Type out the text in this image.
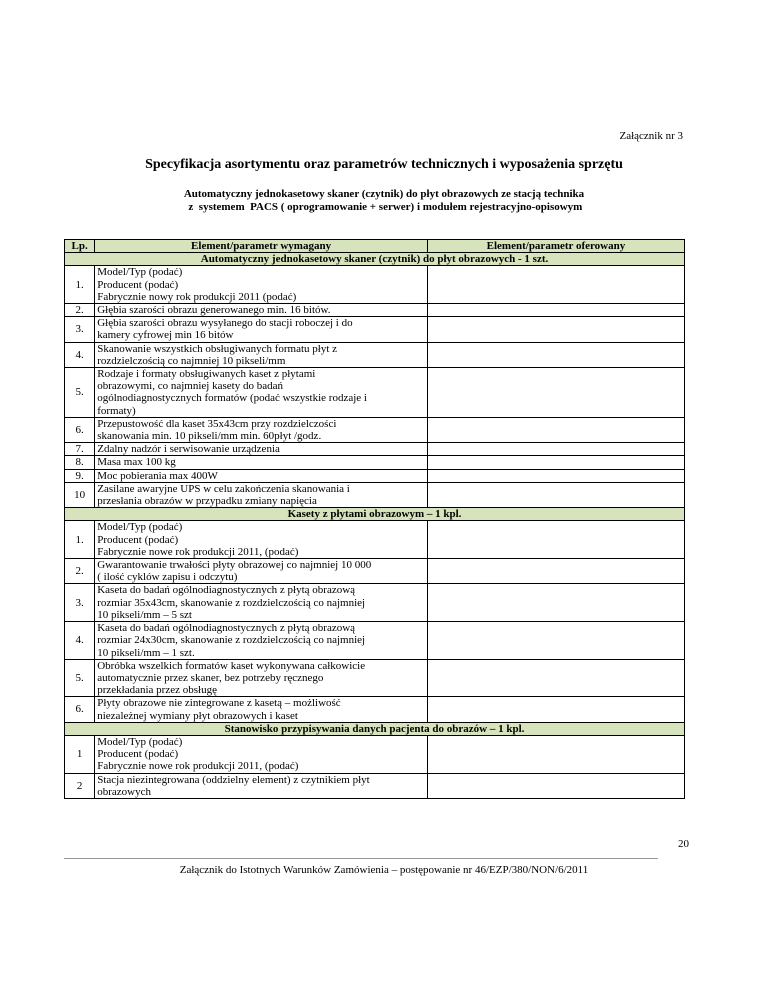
Załącznik nr 3
Specyfikacja asortymentu oraz parametrów technicznych i wyposażenia sprzętu
Automatyczny jednokasetowy skaner (czytnik) do płyt obrazowych ze stacją technika
z  systemem  PACS ( oprogramowanie + serwer) i modułem rejestracyjno-opisowym
Lp.	Element/parametr wymagany	Element/parametr oferowany
Automatyczny jednokasetowy skaner (czytnik) do płyt obrazowych - 1 szt.		
1.	Model/Typ (podać)
Producent (podać)
Fabrycznie nowy rok produkcji 2011 (podać)	

2.	Głębia szarości obrazu generowanego min. 16 bitów.	

3.	Głębia szarości obrazu wysyłanego do stacji roboczej i do
kamery cyfrowej min 16 bitów	

4.	Skanowanie wszystkich obsługiwanych formatu płyt z
rozdzielczością co najmniej 10 pikseli/mm	

5.	Rodzaje i formaty obsługiwanych kaset z płytami
obrazowymi, co najmniej kasety do badań
ogólnodiagnostycznych formatów (podać wszystkie rodzaje i
formaty)	

6.	Przepustowość dla kaset 35x43cm przy rozdzielczości
skanowania min. 10 pikseli/mm min. 60płyt /godz.	

7.	Zdalny nadzór i serwisowanie urządzenia	

8.	Masa max 100 kg	

9.	Moc pobierania max 400W	

10	Zasilane awaryjne UPS w celu zakończenia skanowania i
przesłania obrazów w przypadku zmiany napięcia	

Kasety z płytami obrazowym – 1 kpl.		
1.	Model/Typ (podać)
Producent (podać)
Fabrycznie nowe rok produkcji 2011, (podać)	

2.	Gwarantowanie trwałości płyty obrazowej co najmniej 10 000
( ilość cyklów zapisu i odczytu)	

3.	Kaseta do badań ogólnodiagnostycznych z płytą obrazową
rozmiar 35x43cm, skanowanie z rozdzielczością co najmniej
10 pikseli/mm – 5 szt	

4.	Kaseta do badań ogólnodiagnostycznych z płytą obrazową
rozmiar 24x30cm, skanowanie z rozdzielczością co najmniej
10 pikseli/mm – 1 szt.	

5.	Obróbka wszelkich formatów kaset wykonywana całkowicie
automatycznie przez skaner, bez potrzeby ręcznego
przekładania przez obsługę	

6.	Płyty obrazowe nie zintegrowane z kasetą – możliwość
niezależnej wymiany płyt obrazowych i kaset	

Stanowisko przypisywania danych pacjenta do obrazów – 1 kpl.		
1	Model/Typ (podać)
Producent (podać)
Fabrycznie nowe rok produkcji 2011, (podać)	

2	Stacja niezintegrowana (oddzielny element) z czytnikiem płyt
obrazowych	

20
Załącznik do Istotnych Warunków Zamówienia – postępowanie nr 46/EZP/380/NON/6/2011
